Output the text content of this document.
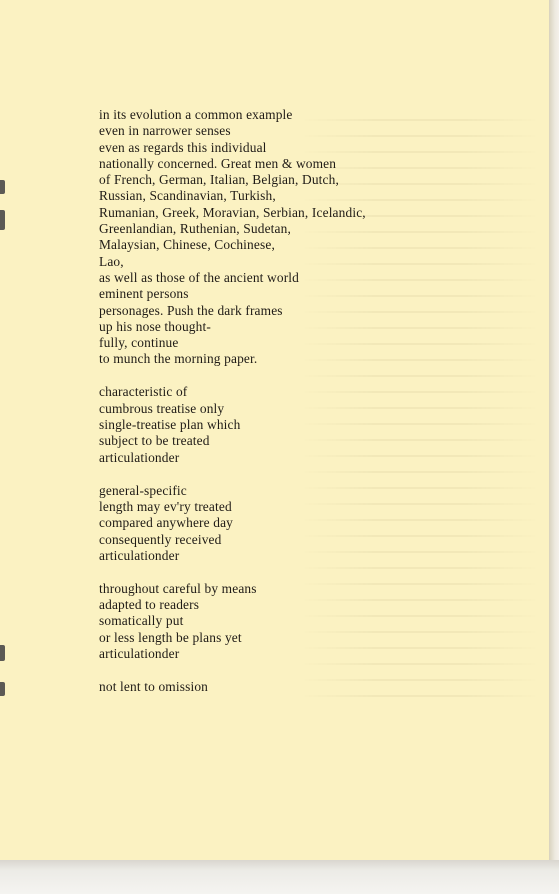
in its evolution a common example
even in narrower senses
even as regards this individual
nationally concerned. Great men & women
of French, German, Italian, Belgian, Dutch,
Russian, Scandinavian, Turkish,
Rumanian, Greek, Moravian, Serbian, Icelandic,
Greenlandian, Ruthenian, Sudetan,
Malaysian, Chinese, Cochinese,
Lao,
as well as those of the ancient world
eminent persons
personages. Push the dark frames
up his nose thought-
fully, continue
to munch the morning paper.
characteristic of
cumbrous treatise only
single-treatise plan which
subject to be treated
articulationder
general-specific
length may ev'ry treated
compared anywhere day
consequently received
articulationder
throughout careful by means
adapted to readers
somatically put
or less length be plans yet
articulationder
not lent to omission
